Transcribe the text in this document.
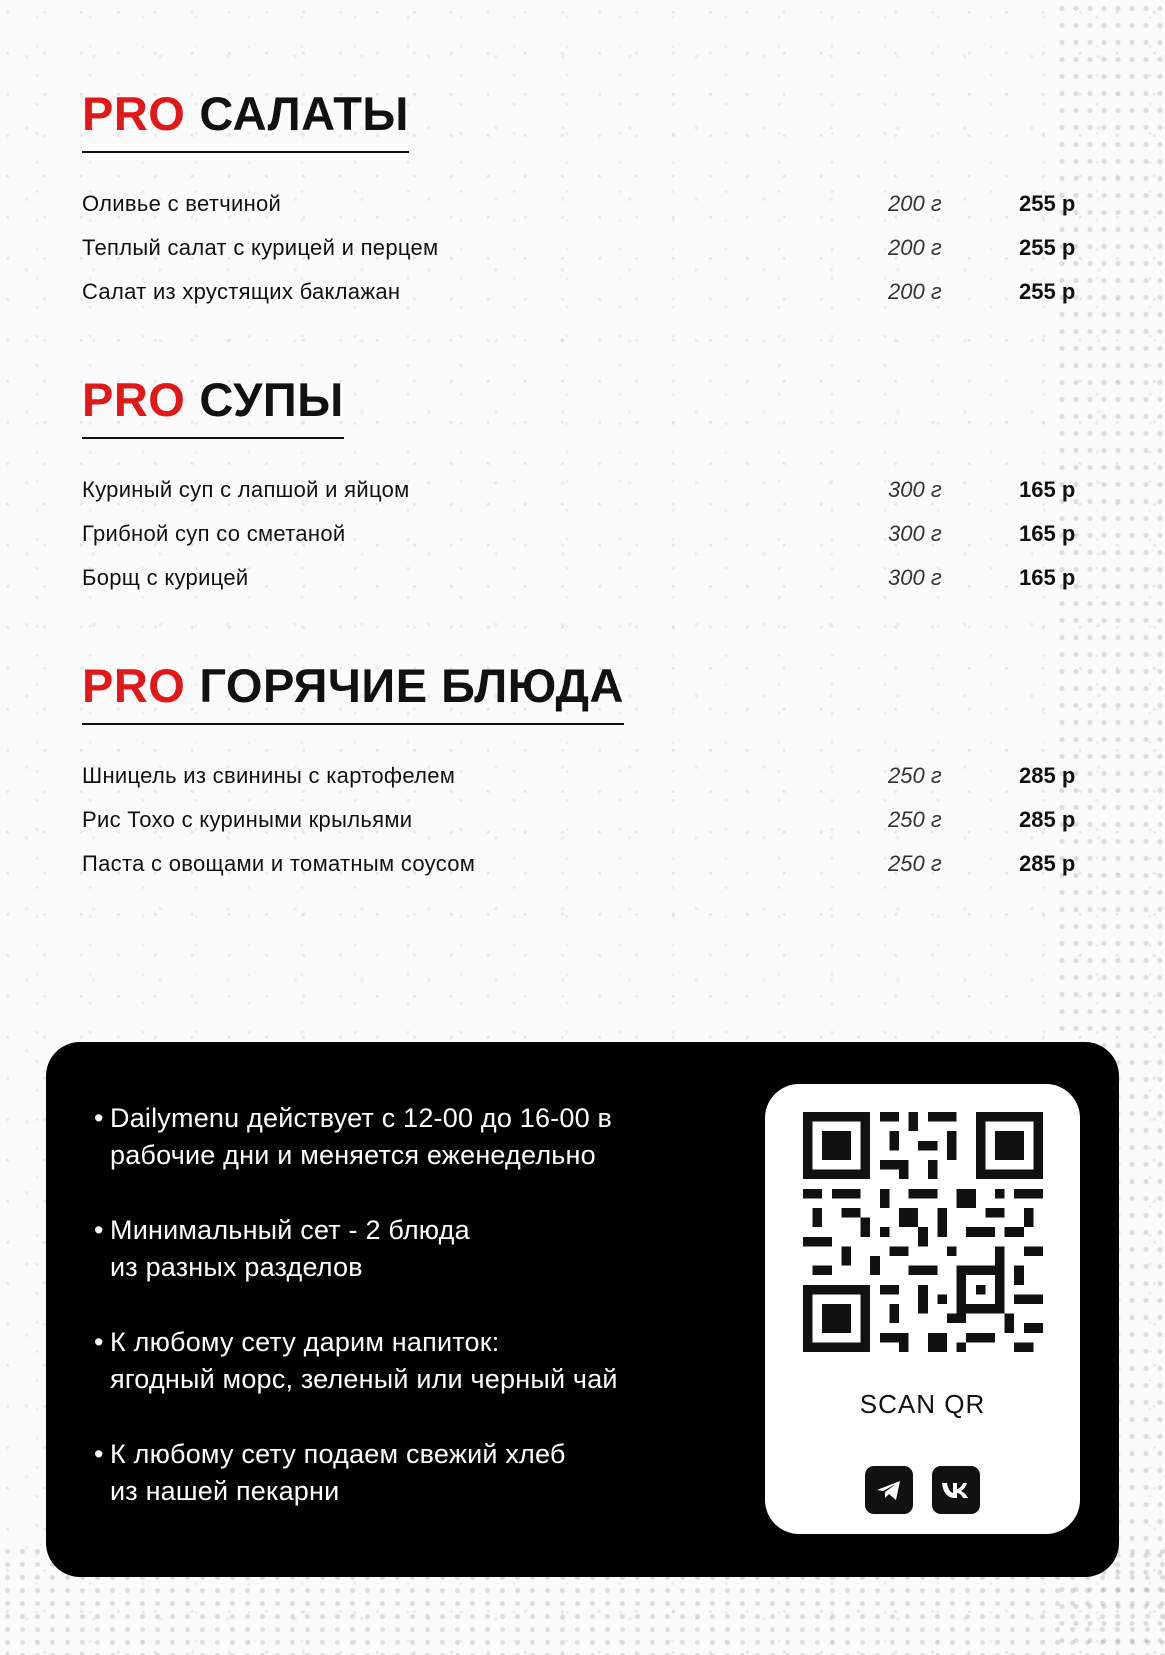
PRO САЛАТЫ
Оливье с ветчиной	200 г	255 р
Теплый салат с курицей и перцем	200 г	255 р
Салат из хрустящих баклажан	200 г	255 р
PRO СУПЫ
Куриный суп с лапшой и яйцом	300 г	165 р
Грибной суп со сметаной	300 г	165 р
Борщ с курицей	300 г	165 р
PRO ГОРЯЧИЕ БЛЮДА
Шницель из свинины с картофелем	250 г	285 р
Рис Тохо с куриными крыльями	250 г	285 р
Паста с овощами и томатным соусом	250 г	285 р
• Dailymenu действует с 12-00 до 16-00 в
рабочие дни и меняется еженедельно
• Минимальный сет - 2 блюда
из разных разделов
• К любому сету дарим напиток:
ягодный морс, зеленый или черный чай
• К любому сету подаем свежий хлеб
из нашей пекарни
SCAN QR
